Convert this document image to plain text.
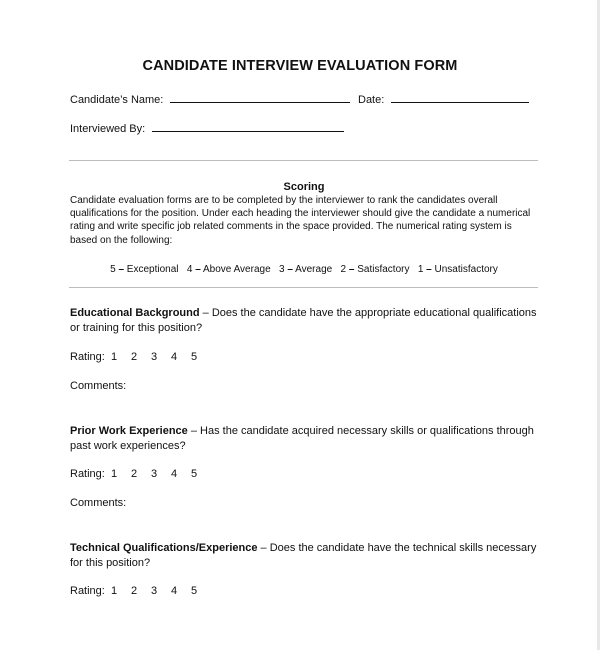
CANDIDATE INTERVIEW EVALUATION FORM
Candidate’s Name:	Date:
Interviewed By:
Scoring
Candidate evaluation forms are to be completed by the interviewer to rank the candidates overall qualifications for the position. Under each heading the interviewer should give the candidate a numerical rating and write specific job related comments in the space provided. The numerical rating system is based on the following:
5 – Exceptional 4 – Above Average 3 – Average 2 – Satisfactory 1 – Unsatisfactory
Educational Background – Does the candidate have the appropriate educational qualifications or training for this position?
Rating: 1 2 3 4 5
Comments:
Prior Work Experience – Has the candidate acquired necessary skills or qualifications through past work experiences?
Rating: 1 2 3 4 5
Comments:
Technical Qualifications/Experience – Does the candidate have the technical skills necessary for this position?
Rating: 1 2 3 4 5
